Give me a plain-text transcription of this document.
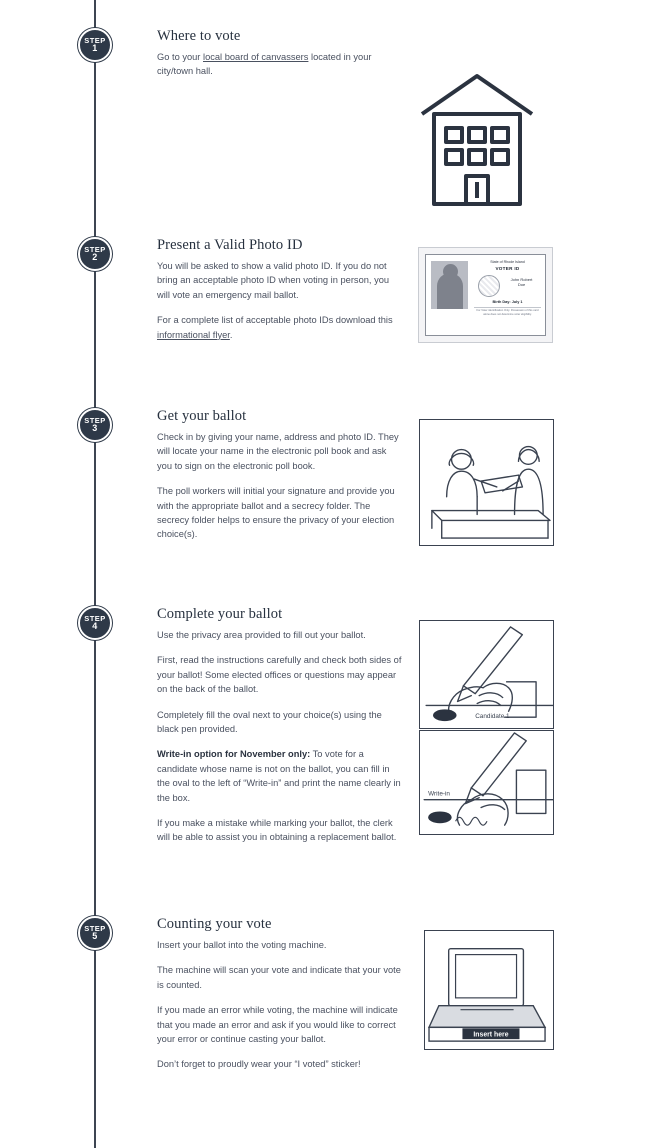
STEP
1
Where to vote

Go to your local board of canvassers located in your city/town hall.

STEP
2
Present a Valid Photo ID

You will be asked to show a valid photo ID. If you do not bring an acceptable photo ID when voting in person, you will vote an emergency mail ballot.

For a complete list of acceptable photo IDs download this informational flyer.

State of Rhode Island
VOTER ID
John Robert
Doe
Birth Day: July 1
For Voter identification Only. Possession of this card alone does not determine voter eligibility.
STEP
3
Get your ballot

Check in by giving your name, address and photo ID. They will locate your name in the electronic poll book and ask you to sign on the electronic poll book.

The poll workers will initial your signature and provide you with the appropriate ballot and a secrecy folder. The secrecy folder helps to ensure the privacy of your election choice(s).

STEP
4
Complete your ballot

Use the privacy area provided to fill out your ballot.

First, read the instructions carefully and check both sides of your ballot! Some elected offices or questions may appear on the back of the ballot.

Completely fill the oval next to your choice(s) using the black pen provided.

Write-in option for November only: To vote for a candidate whose name is not on the ballot, you can fill in the oval to the left of “Write-in” and print the name clearly in the box.

If you make a mistake while marking your ballot, the clerk will be able to assist you in obtaining a replacement ballot.

Candidate 1
Write-in
STEP
5
Counting your vote

Insert your ballot into the voting machine.

The machine will scan your vote and indicate that your vote is counted.

If you made an error while voting, the machine will indicate that you made an error and ask if you would like to correct your error or continue casting your ballot.

Don’t forget to proudly wear your “I voted” sticker!

Insert here
